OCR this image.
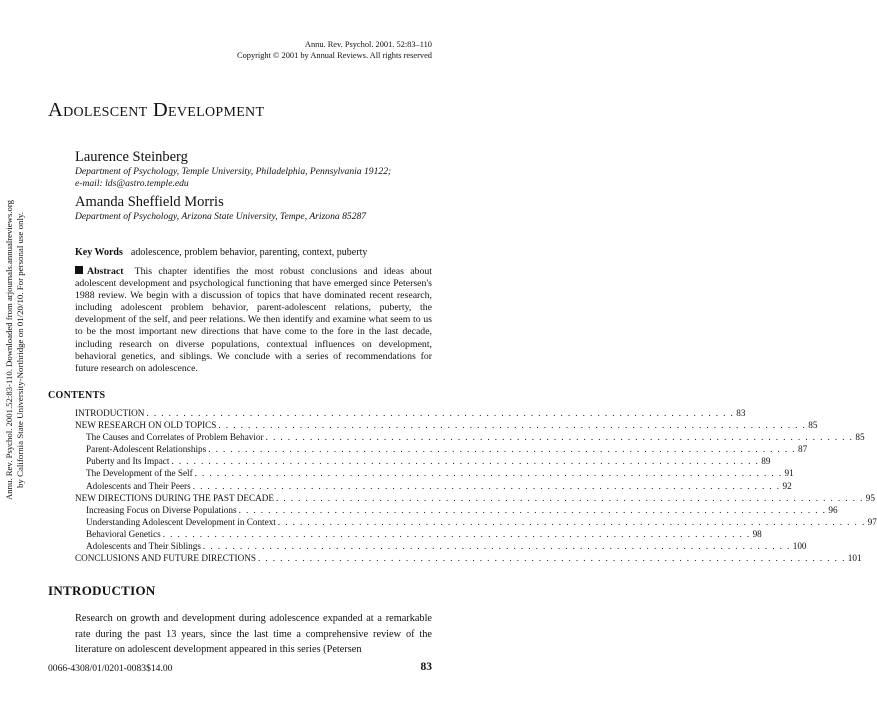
Annu. Rev. Psychol. 2001. 52:83–110
Copyright © 2001 by Annual Reviews. All rights reserved
Annu. Rev. Psychol. 2001.52:83-110. Downloaded from arjournals.annualreviews.org by California State University-Northridge on 01/20/10. For personal use only.
Adolescent Development
Laurence Steinberg
Department of Psychology, Temple University, Philadelphia, Pennsylvania 19122;
e-mail: lds@astro.temple.edu
Amanda Sheffield Morris
Department of Psychology, Arizona State University, Tempe, Arizona 85287
Key Words adolescence, problem behavior, parenting, context, puberty
Abstract This chapter identifies the most robust conclusions and ideas about adolescent development and psychological functioning that have emerged since Petersen's 1988 review. We begin with a discussion of topics that have dominated recent research, including adolescent problem behavior, parent-adolescent relations, puberty, the development of the self, and peer relations. We then identify and examine what seem to us to be the most important new directions that have come to the fore in the last decade, including research on diverse populations, contextual influences on development, behavioral genetics, and siblings. We conclude with a series of recommendations for future research on adolescence.
CONTENTS
INTRODUCTION . . . . . . . . . . . . . . . . . . . . . . . . . . . . . . . . . . . . . . . . . . . . . . . . . . . . . . . . . . . . . . . . . . . . . . . . . . . . . . . . 83
NEW RESEARCH ON OLD TOPICS . . . . . . . . . . . . . . . . . . . . . . . . . . . . . . . . . . . . . . . . . . . . . . . . . . . . . . . . . . . . . . . . . . . . . . . . . . . . . . . . 85
The Causes and Correlates of Problem Behavior . . . . . . . . . . . . . . . . . . . . . . . . . . . . . . . . . . . . . . . . . . . . . . . . . . . . . . . . . . . . . . . . . . . . . . . . . . . . . . . . 85
Parent-Adolescent Relationships . . . . . . . . . . . . . . . . . . . . . . . . . . . . . . . . . . . . . . . . . . . . . . . . . . . . . . . . . . . . . . . . . . . . . . . . . . . . . . . . 87
Puberty and Its Impact . . . . . . . . . . . . . . . . . . . . . . . . . . . . . . . . . . . . . . . . . . . . . . . . . . . . . . . . . . . . . . . . . . . . . . . . . . . . . . . . 89
The Development of the Self . . . . . . . . . . . . . . . . . . . . . . . . . . . . . . . . . . . . . . . . . . . . . . . . . . . . . . . . . . . . . . . . . . . . . . . . . . . . . . . . 91
Adolescents and Their Peers . . . . . . . . . . . . . . . . . . . . . . . . . . . . . . . . . . . . . . . . . . . . . . . . . . . . . . . . . . . . . . . . . . . . . . . . . . . . . . . . 92
NEW DIRECTIONS DURING THE PAST DECADE . . . . . . . . . . . . . . . . . . . . . . . . . . . . . . . . . . . . . . . . . . . . . . . . . . . . . . . . . . . . . . . . . . . . . . . . . . . . . . . . 95
Increasing Focus on Diverse Populations . . . . . . . . . . . . . . . . . . . . . . . . . . . . . . . . . . . . . . . . . . . . . . . . . . . . . . . . . . . . . . . . . . . . . . . . . . . . . . . . 96
Understanding Adolescent Development in Context . . . . . . . . . . . . . . . . . . . . . . . . . . . . . . . . . . . . . . . . . . . . . . . . . . . . . . . . . . . . . . . . . . . . . . . . . . . . . . . . 97
Behavioral Genetics . . . . . . . . . . . . . . . . . . . . . . . . . . . . . . . . . . . . . . . . . . . . . . . . . . . . . . . . . . . . . . . . . . . . . . . . . . . . . . . . 98
Adolescents and Their Siblings . . . . . . . . . . . . . . . . . . . . . . . . . . . . . . . . . . . . . . . . . . . . . . . . . . . . . . . . . . . . . . . . . . . . . . . . . . . . . . . . 100
CONCLUSIONS AND FUTURE DIRECTIONS . . . . . . . . . . . . . . . . . . . . . . . . . . . . . . . . . . . . . . . . . . . . . . . . . . . . . . . . . . . . . . . . . . . . . . . . . . . . . . . . 101
INTRODUCTION
Research on growth and development during adolescence expanded at a remarkable rate during the past 13 years, since the last time a comprehensive review of the literature on adolescent development appeared in this series (Petersen
0066-4308/01/0201-0083$14.00	83
